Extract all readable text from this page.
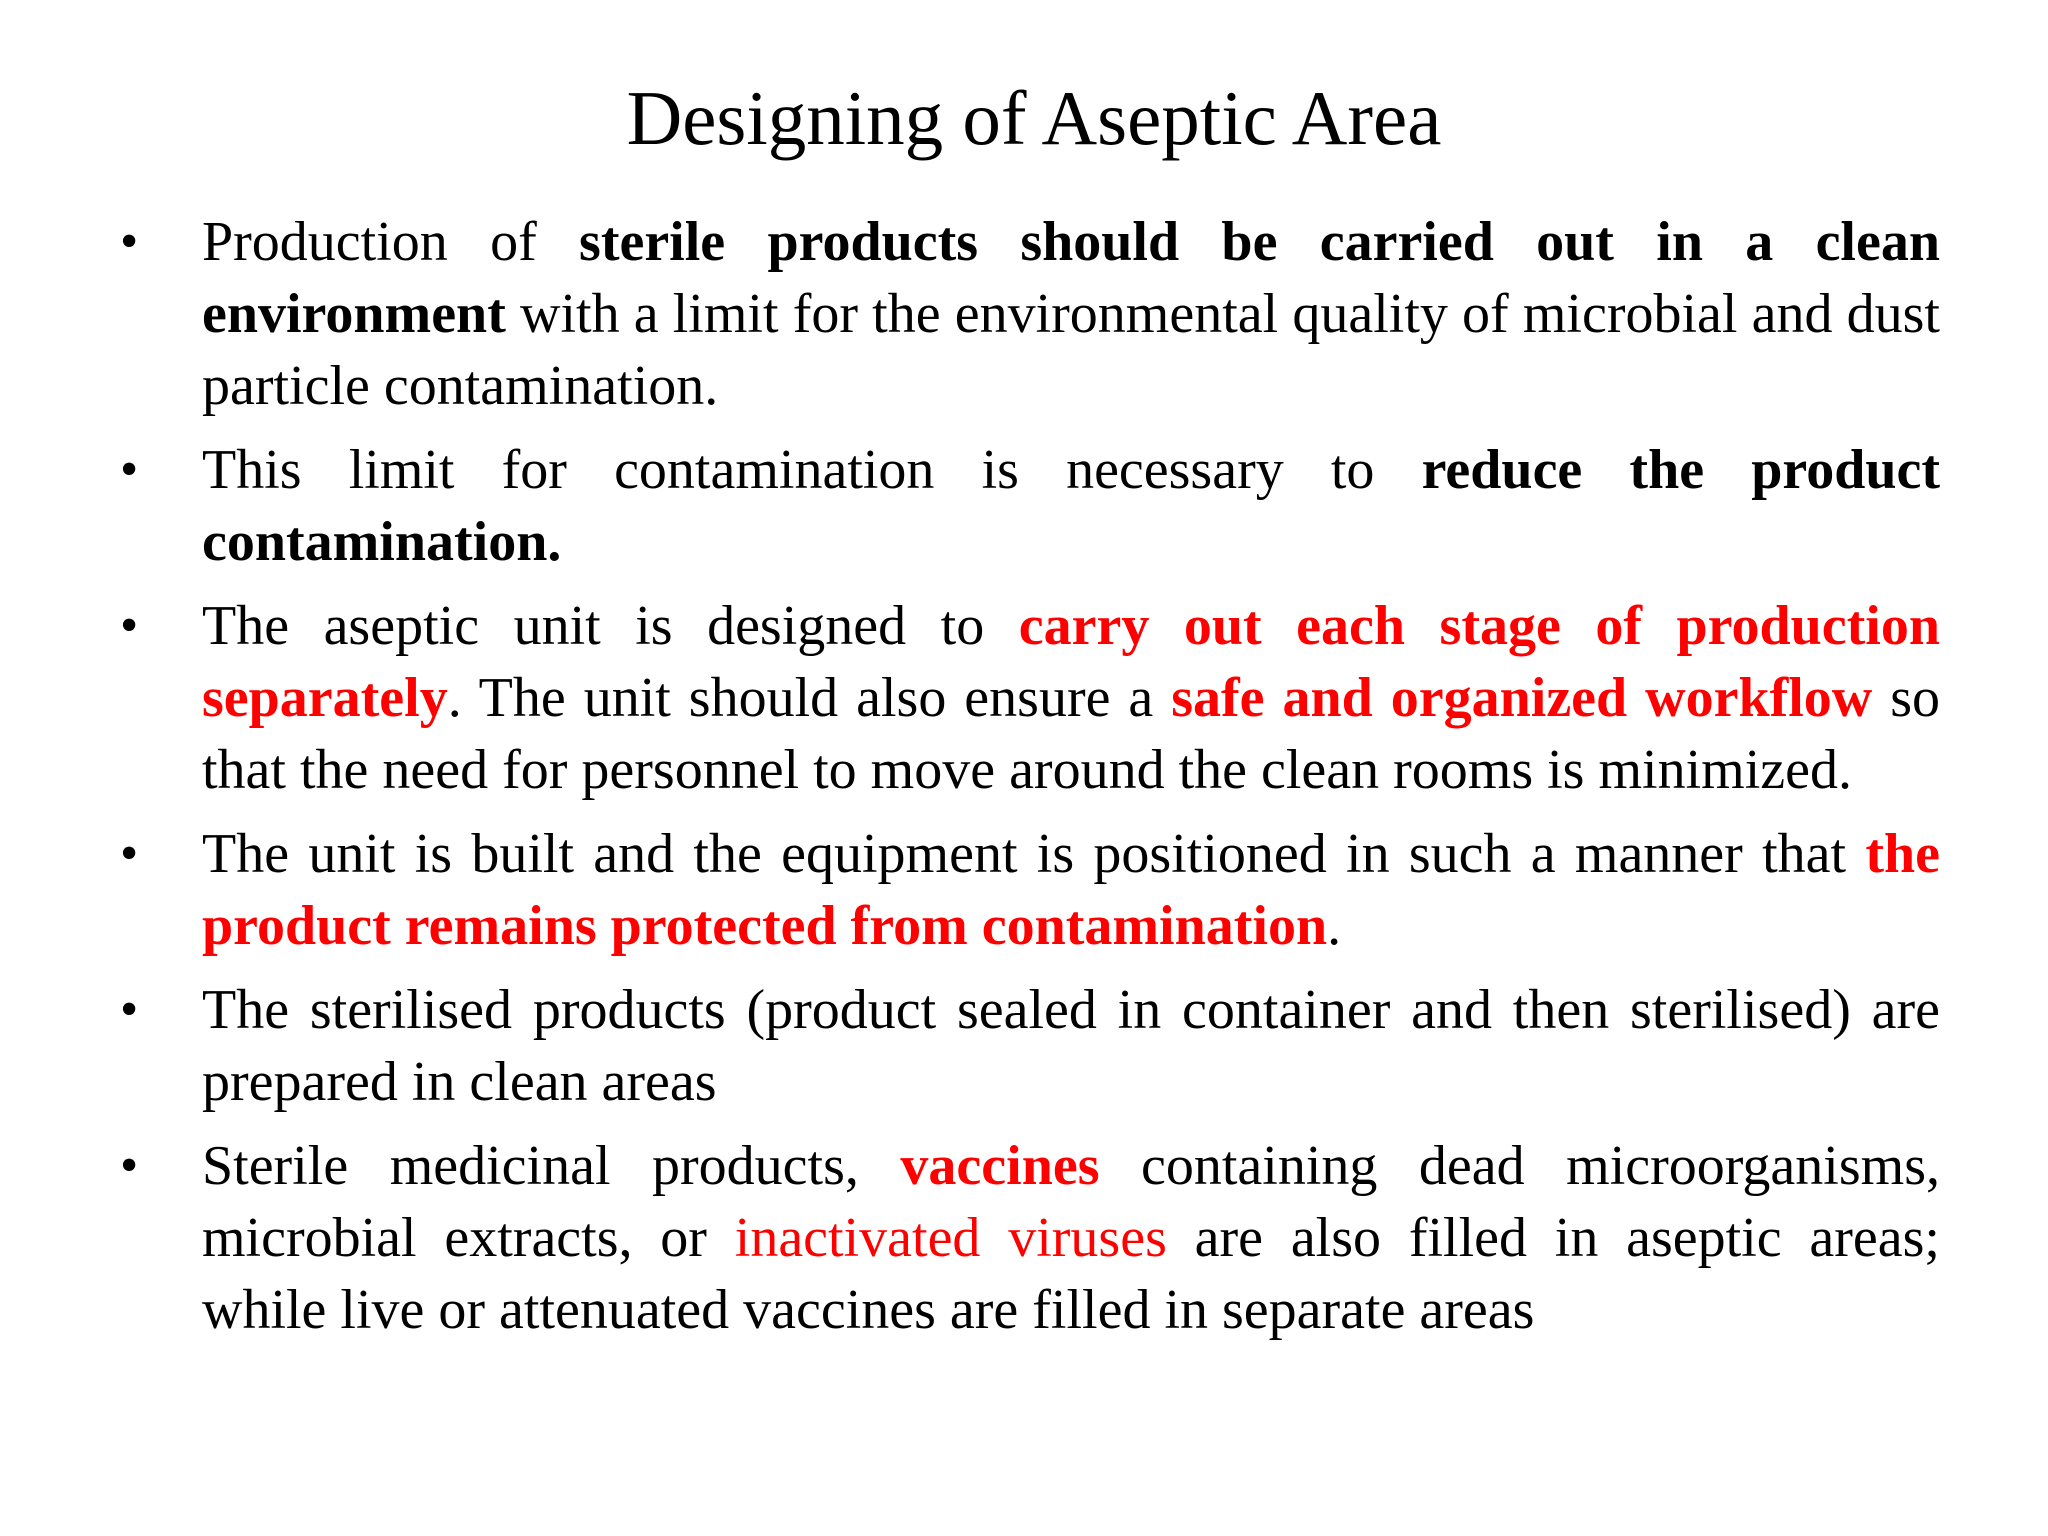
Designing of Aseptic Area
• Production of sterile products should be carried out in a clean environment with a limit for the environmental quality of microbial and dust particle contamination.
• This limit for contamination is necessary to reduce the product contamination.
• The aseptic unit is designed to carry out each stage of production separately. The unit should also ensure a safe and organized workflow so that the need for personnel to move around the clean rooms is minimized.
• The unit is built and the equipment is positioned in such a manner that the product remains protected from contamination.
• The sterilised products (product sealed in container and then sterilised) are prepared in clean areas
• Sterile medicinal products, vaccines containing dead microorganisms, microbial extracts, or inactivated viruses are also filled in aseptic areas; while live or attenuated vaccines are filled in separate areas
